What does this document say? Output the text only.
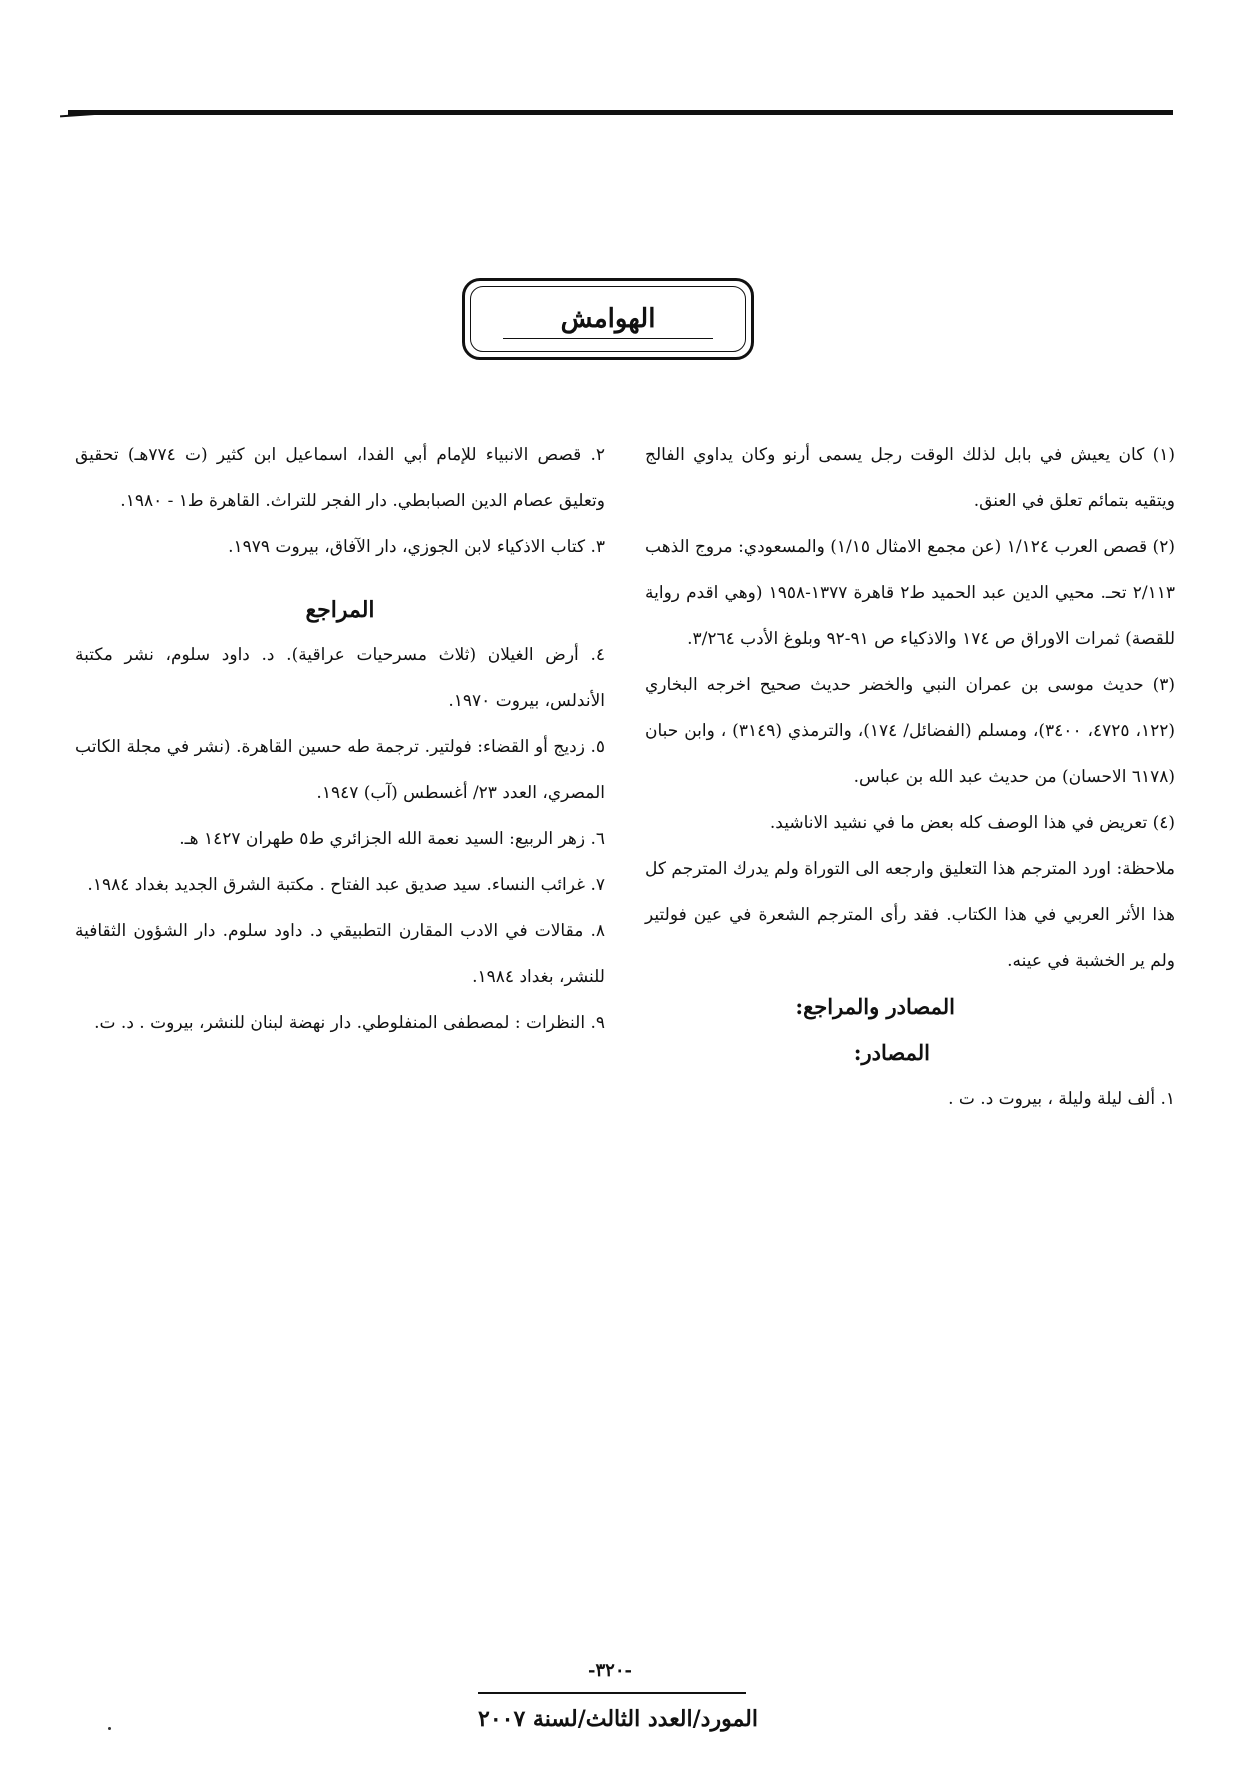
الهوامش

(١) كان يعيش في بابل لذلك الوقت رجل يسمى أرنو وكان يداوي الفالج ويتقيه بتمائم تعلق في العنق.

(٢) قصص العرب ١/١٢٤ (عن مجمع الامثال ١/١٥) والمسعودي: مروج الذهب ٢/١١٣ تحـ. محيي الدين عبد الحميد ط٢ قاهرة ١٣٧٧-١٩٥٨ (وهي اقدم رواية للقصة) ثمرات الاوراق ص ١٧٤ والاذكياء ص ٩١-٩٢ وبلوغ الأدب ٣/٢٦٤.

(٣) حديث موسى بن عمران النبي والخضر حديث صحيح اخرجه البخاري (١٢٢، ٤٧٢٥، ٣٤٠٠)، ومسلم (الفضائل/ ١٧٤)، والترمذي (٣١٤٩) ، وابن حبان (٦١٧٨ الاحسان) من حديث عبد الله بن عباس.

(٤) تعريض في هذا الوصف كله بعض ما في نشيد الاناشيد.

ملاحظة: اورد المترجم هذا التعليق وارجعه الى التوراة ولم يدرك المترجم كل هذا الأثر العربي في هذا الكتاب. فقد رأى المترجم الشعرة في عين فولتير ولم ير الخشبة في عينه.

المصادر والمراجع:
المصادر:

١. ألف ليلة وليلة ، بيروت د. ت .

٢. قصص الانبياء للإمام أبي الفدا، اسماعيل ابن كثير (ت ٧٧٤هـ) تحقيق وتعليق عصام الدين الصبابطي. دار الفجر للتراث. القاهرة ط١ - ١٩٨٠.

٣. كتاب الاذكياء لابن الجوزي، دار الآفاق، بيروت ١٩٧٩.

المراجع

٤. أرض الغيلان (ثلاث مسرحيات عراقية). د. داود سلوم، نشر مكتبة الأندلس، بيروت ١٩٧٠.

٥. زديج أو القضاء: فولتير. ترجمة طه حسين القاهرة. (نشر في مجلة الكاتب المصري، العدد ٢٣/ أغسطس (آب) ١٩٤٧.

٦. زهر الربيع: السيد نعمة الله الجزائري ط٥ طهران ١٤٢٧ هـ.

٧. غرائب النساء. سيد صديق عبد الفتاح . مكتبة الشرق الجديد بغداد ١٩٨٤.

٨. مقالات في الادب المقارن التطبيقي د. داود سلوم. دار الشؤون الثقافية للنشر، بغداد ١٩٨٤.

٩. النظرات : لمصطفى المنفلوطي. دار نهضة لبنان للنشر، بيروت . د. ت.

-٣٢٠-
المورد/العدد الثالث/لسنة ٢٠٠٧
